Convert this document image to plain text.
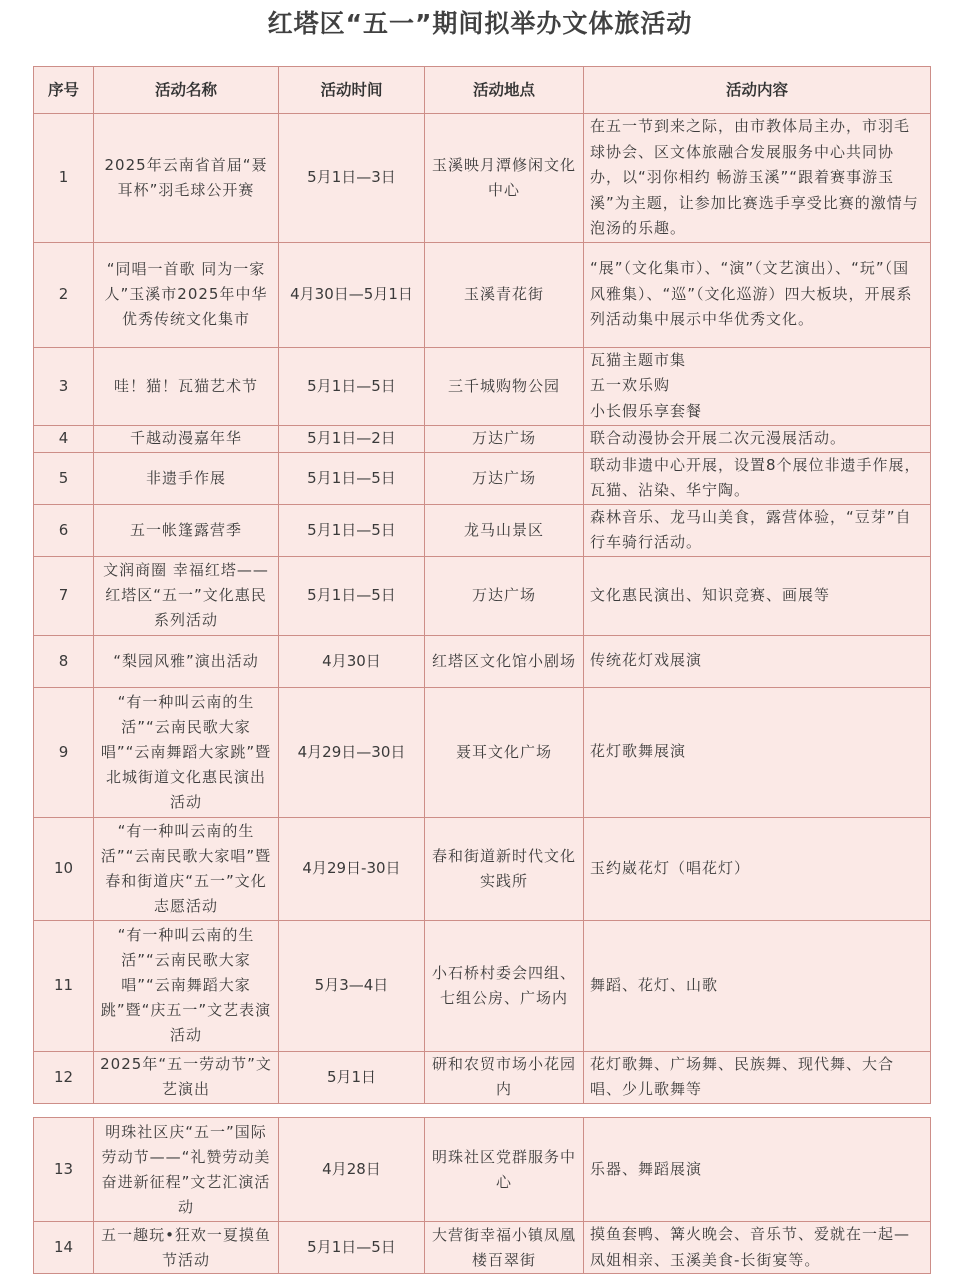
红塔区“五一”期间拟举办文体旅活动
序号	活动名称	活动时间	活动地点	活动内容
1	2025年云南省首届“聂耳杯”羽毛球公开赛	5月1日—3日	玉溪映月潭修闲文化中心	在五一节到来之际，由市教体局主办，市羽毛球协会、区文体旅融合发展服务中心共同协办，以“羽你相约 畅游玉溪”“跟着赛事游玉溪”为主题，让参加比赛选手享受比赛的激情与泡汤的乐趣。
2	“同唱一首歌 同为一家人”玉溪市2025年中华优秀传统文化集市	4月30日—5月1日	玉溪青花街	“展”（文化集市）、“演”（文艺演出）、“玩”（国风雅集）、“巡”（文化巡游）四大板块，开展系列活动集中展示中华优秀文化。
3	哇！猫！瓦猫艺术节	5月1日—5日	三千城购物公园	瓦猫主题市集
五一欢乐购
小长假乐享套餐
4	千越动漫嘉年华	5月1日—2日	万达广场	联合动漫协会开展二次元漫展活动。
5	非遗手作展	5月1日—5日	万达广场	联动非遗中心开展，设置8个展位非遗手作展，瓦猫、沾染、华宁陶。
6	五一帐篷露营季	5月1日—5日	龙马山景区	森林音乐、龙马山美食，露营体验，“豆芽”自行车骑行活动。
7	文润商圈 幸福红塔——红塔区“五一”文化惠民系列活动	5月1日—5日	万达广场	文化惠民演出、知识竞赛、画展等
8	“梨园风雅”演出活动	4月30日	红塔区文化馆小剧场	传统花灯戏展演
9	“有一种叫云南的生活”“云南民歌大家唱”“云南舞蹈大家跳”暨北城街道文化惠民演出活动	4月29日—30日	聂耳文化广场	花灯歌舞展演
10	“有一种叫云南的生活”“云南民歌大家唱”暨春和街道庆“五一”文化志愿活动	4月29日-30日	春和街道新时代文化实践所	玉约崴花灯（唱花灯）
11	“有一种叫云南的生活”“云南民歌大家唱”“云南舞蹈大家跳”暨“庆五一”文艺表演活动	5月3—4日	小石桥村委会四组、七组公房、广场内	舞蹈、花灯、山歌
12	2025年“五一劳动节”文艺演出	5月1日	研和农贸市场小花园内	花灯歌舞、广场舞、民族舞、现代舞、大合唱、少儿歌舞等
13	明珠社区庆“五一”国际劳动节——“礼赞劳动美 奋进新征程”文艺汇演活动	4月28日	明珠社区党群服务中心	乐器、舞蹈展演
14	五一趣玩•狂欢一夏摸鱼节活动	5月1日—5日	大营街幸福小镇凤凰楼百翠街	摸鱼套鸭、篝火晚会、音乐节、爱就在一起—凤姐相亲、玉溪美食-长街宴等。
